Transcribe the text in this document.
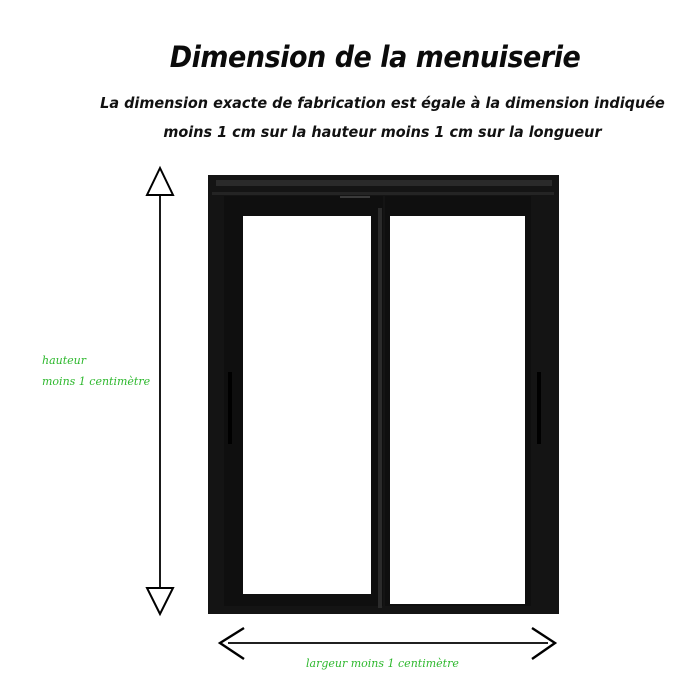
Dimension de la menuiserie
La dimension exacte de fabrication est égale à la dimension indiquée
moins 1 cm sur la hauteur moins 1 cm sur la longueur
hauteur
moins 1 centimètre
largeur moins 1 centimètre
